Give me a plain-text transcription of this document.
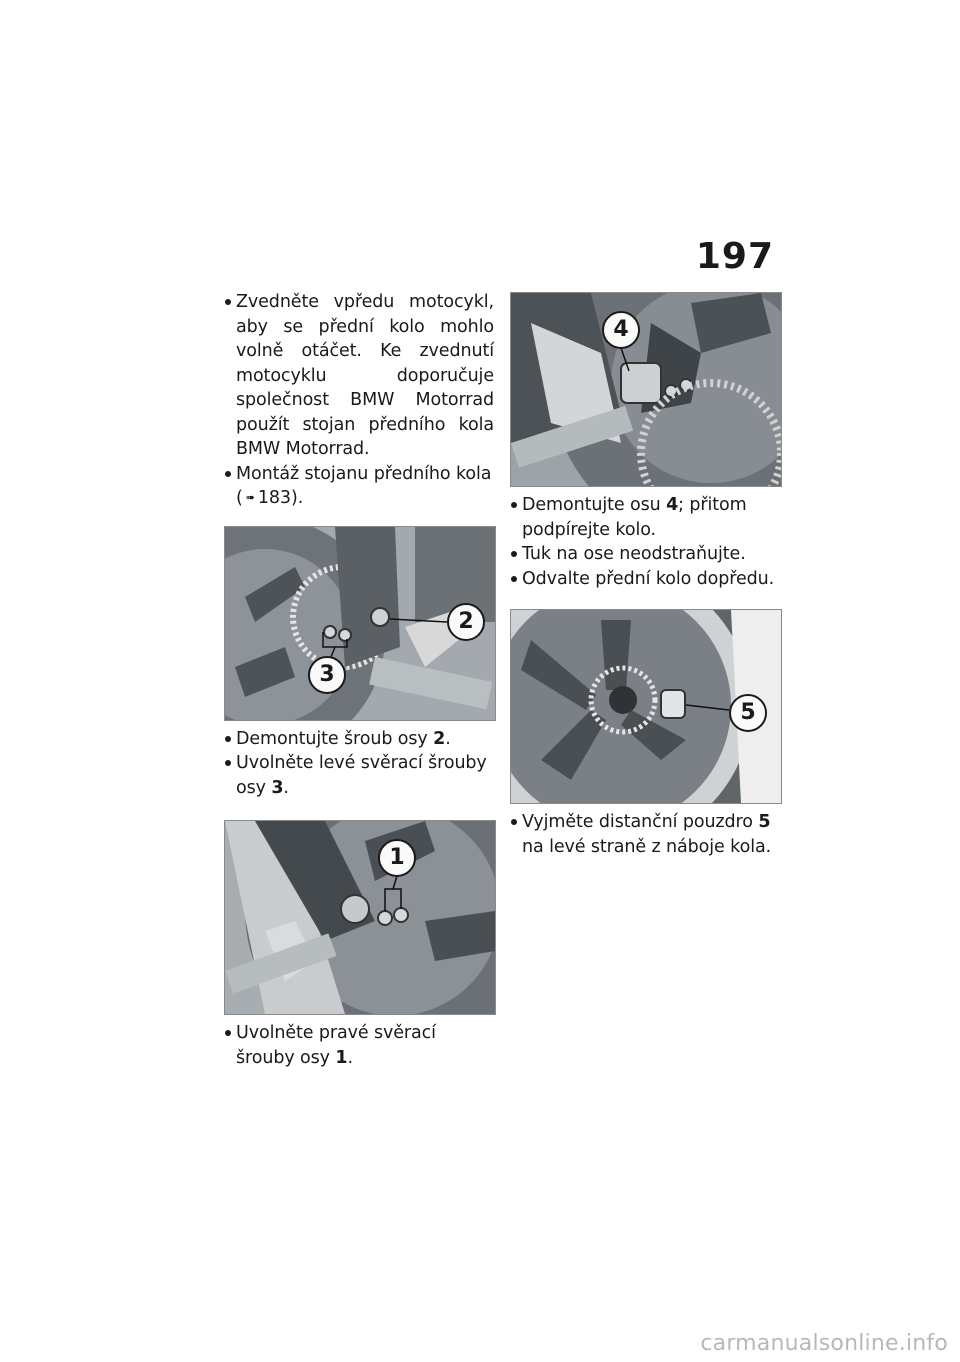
197

Zvedněte vpředu motocykl, aby se přední kolo mohlo volně otáčet. Ke zvednutí motocyklu doporučuje společnost BMW Motorrad použít stojan předního kola BMW Motorrad.

Montáž stojanu předního kola
( ➠ 183).

2
3

Demontujte šroub osy 2.

Uvolněte levé svěrací šrouby osy 3.

1

Uvolněte pravé svěrací šrouby osy 1.

4

Demontujte osu 4; přitom podpírejte kolo.

Tuk na ose neodstraňujte.

Odvalte přední kolo dopředu.

5

Vyjměte distanční pouzdro 5 na levé straně z náboje kola.

carmanualsonline.info
